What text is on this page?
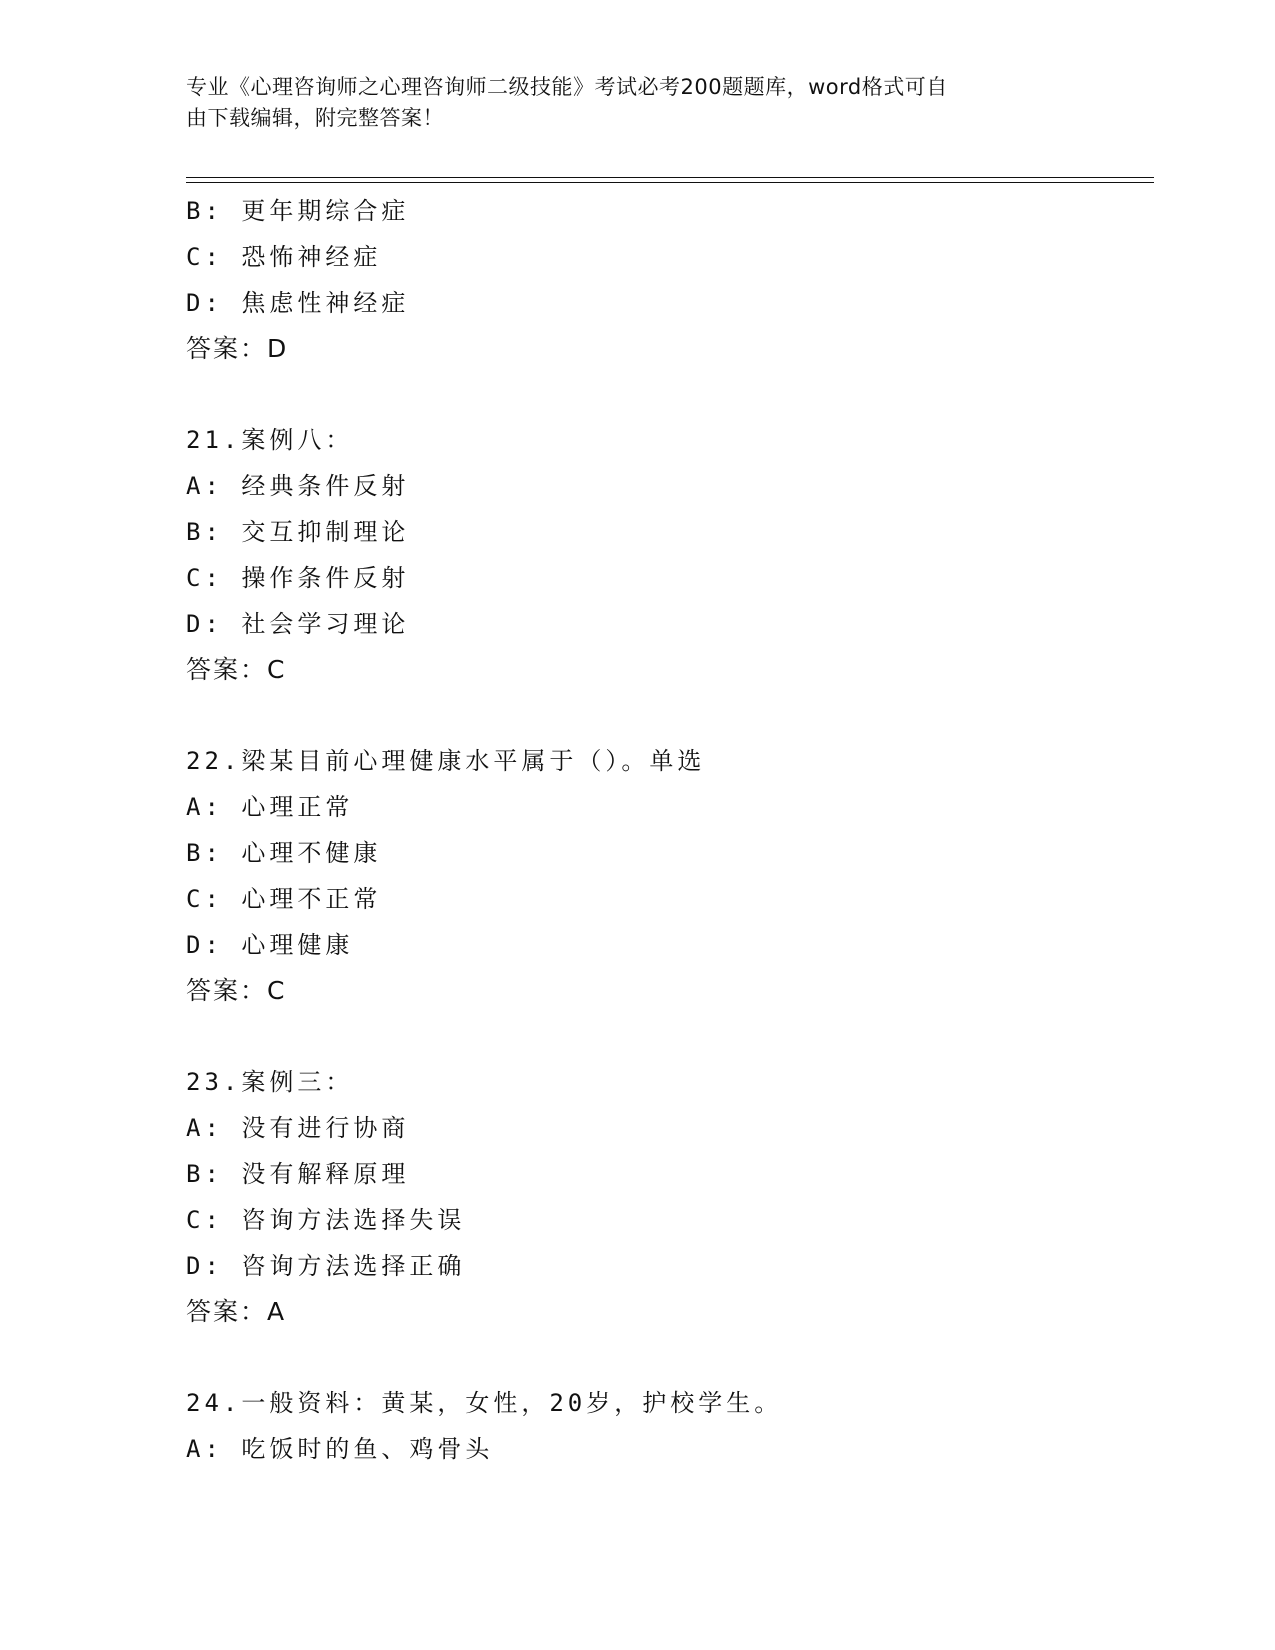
专业《心理咨询师之心理咨询师二级技能》考试必考200题题库，word格式可自
由下载编辑，附完整答案！
B: 更年期综合症
C: 恐怖神经症
D: 焦虑性神经症
答案：D
21.案例八：
A: 经典条件反射
B: 交互抑制理论
C: 操作条件反射
D: 社会学习理论
答案：C
22.梁某目前心理健康水平属于（）。单选
A: 心理正常
B: 心理不健康
C: 心理不正常
D: 心理健康
答案：C
23.案例三：
A: 没有进行协商
B: 没有解释原理
C: 咨询方法选择失误
D: 咨询方法选择正确
答案：A
24.一般资料：黄某，女性，20岁，护校学生。
A: 吃饭时的鱼、鸡骨头
